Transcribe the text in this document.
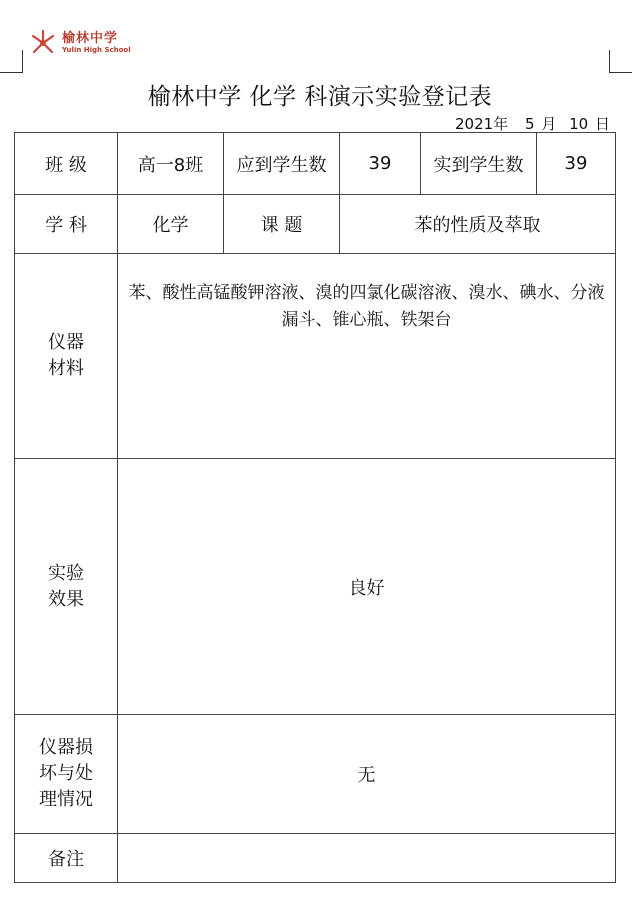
榆林中学
Yulin High School
榆林中学 化学 科演示实验登记表
2021年 5 月 10 日
班 级	高一8班	应到学生数	39	实到学生数	39
学 科	化学	课 题	苯的性质及萃取		

仪器
材料	苯、酸性高锰酸钾溶液、溴的四氯化碳溶液、溴水、碘水、分液漏斗、锥心瓶、铁架台				

实验
效果	良好				

仪器损
坏与处
理情况	无				
备注					
